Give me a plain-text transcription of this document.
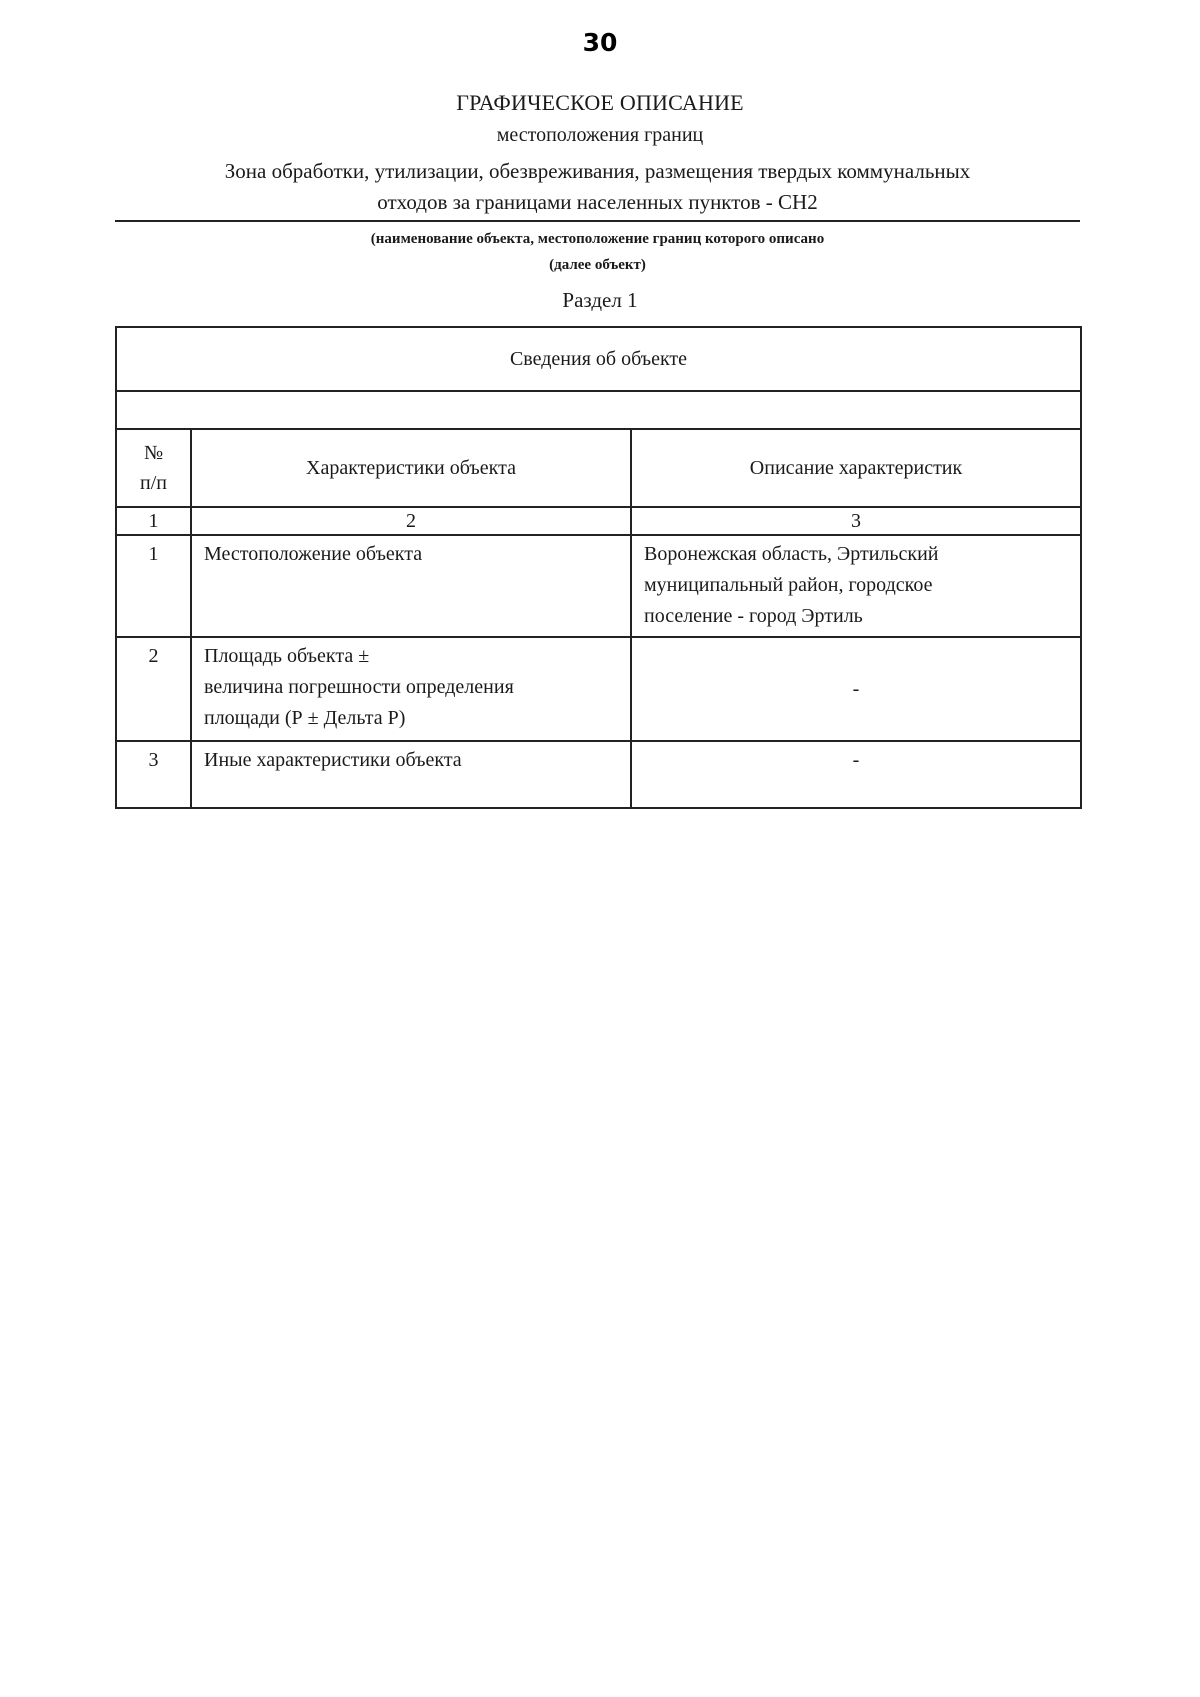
30
ГРАФИЧЕСКОЕ ОПИСАНИЕ
местоположения границ
Зона обработки, утилизации, обезвреживания, размещения твердых коммунальных
отходов за границами населенных пунктов - СН2
(наименование объекта, местоположение границ которого описано
(далее объект)
Раздел 1
Сведения об объекте		

№
п/п	Характеристики объекта	Описание характеристик
1	2	3
1	Местоположение объекта	Воронежская область, Эртильский
муниципальный район, городское
поселение - город Эртиль

2	Площадь объекта ±
величина погрешности определения
площади (Р ± Дельта Р)	-

3	Иные характеристики объекта	-
